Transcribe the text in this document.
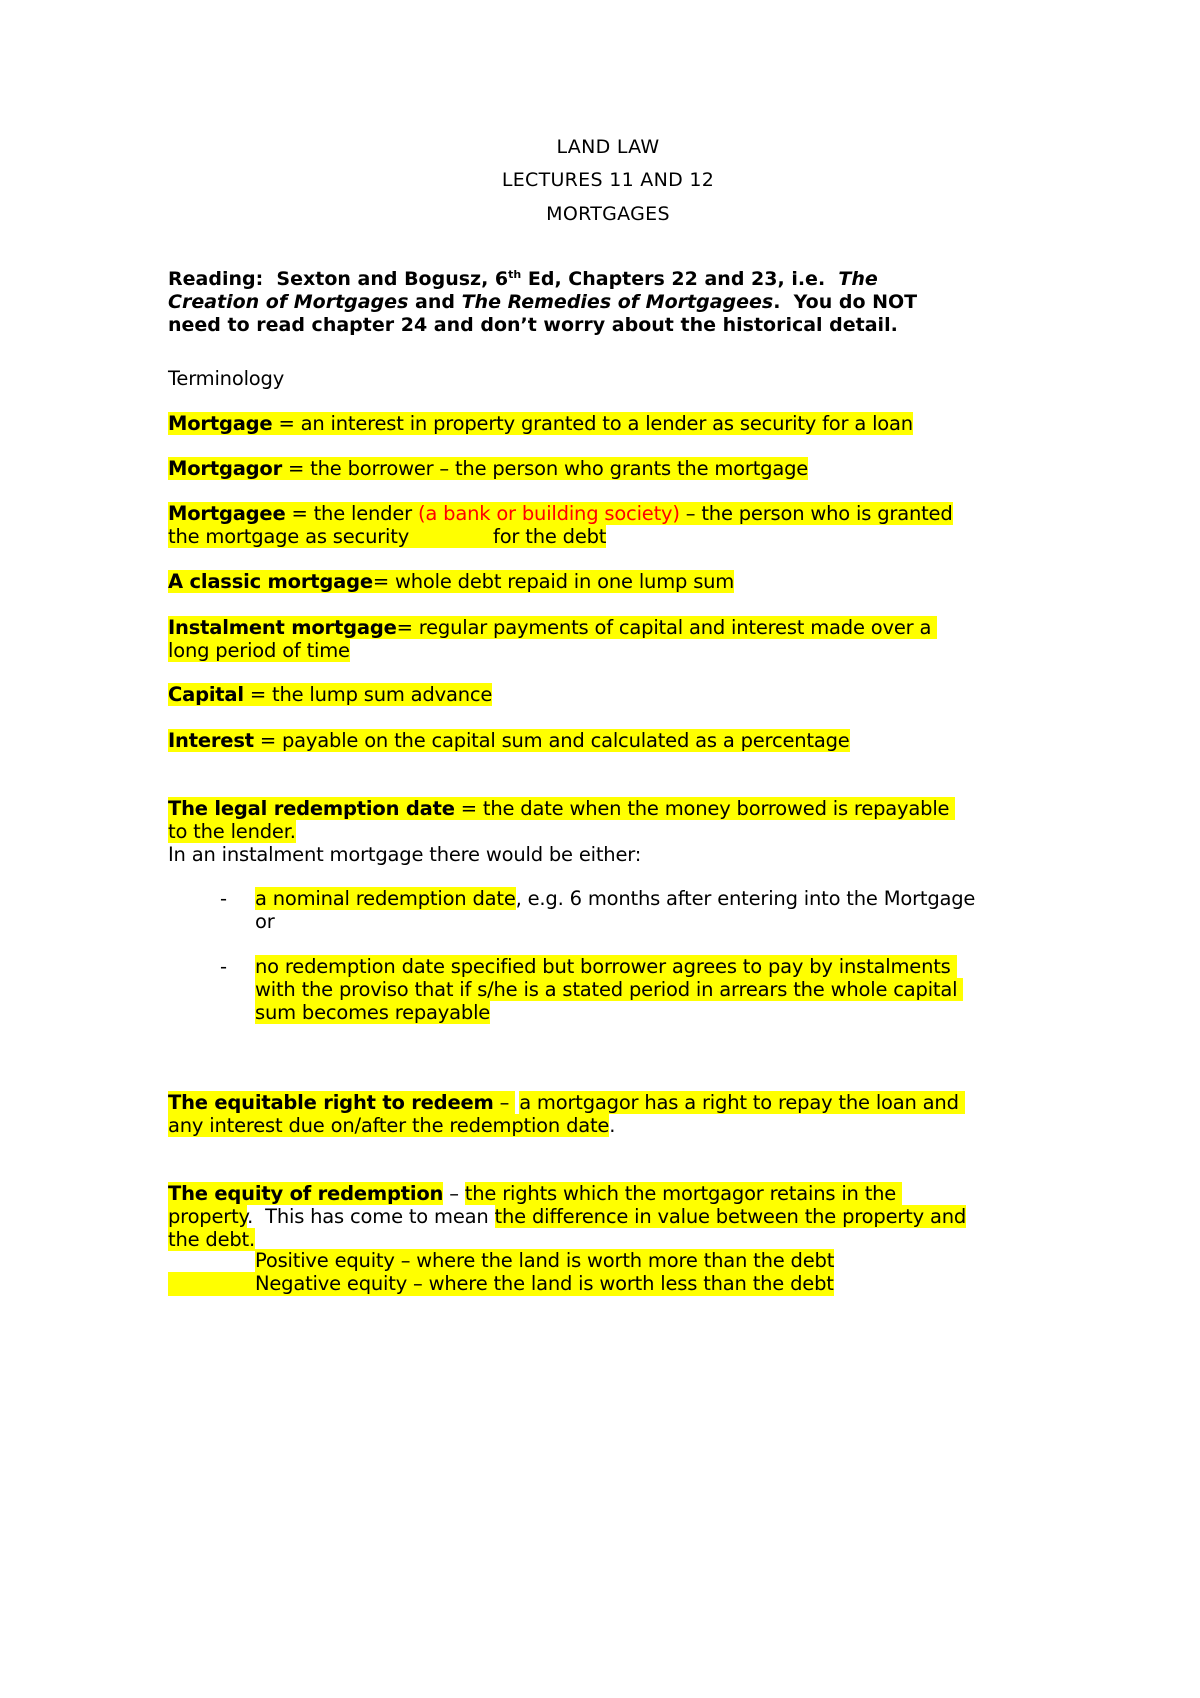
LAND LAW
LECTURES 11 AND 12
MORTGAGES
Reading:  Sexton and Bogusz, 6th Ed, Chapters 22 and 23, i.e.  The
Creation of Mortgages and The Remedies of Mortgagees.  You do NOT
need to read chapter 24 and don’t worry about the historical detail.
Terminology
Mortgage = an interest in property granted to a lender as security for a loan
Mortgagor = the borrower – the person who grants the mortgage
Mortgagee = the lender (a bank or building society) – the person who is granted
the mortgage as security              for the debt
A classic mortgage= whole debt repaid in one lump sum
Instalment mortgage= regular payments of capital and interest made over a
long period of time
Capital = the lump sum advance
Interest = payable on the capital sum and calculated as a percentage
The legal redemption date = the date when the money borrowed is repayable
to the lender.
In an instalment mortgage there would be either:
- a nominal redemption date, e.g. 6 months after entering into the Mortgage
or
- no redemption date specified but borrower agrees to pay by instalments
with the proviso that if s/he is a stated period in arrears the whole capital
sum becomes repayable
The equitable right to redeem – a mortgagor has a right to repay the loan and
any interest due on/after the redemption date.
The equity of redemption – the rights which the mortgagor retains in the
property.  This has come to mean the difference in value between the property and
the debt.
Positive equity – where the land is worth more than the debt
Negative equity – where the land is worth less than the debt
